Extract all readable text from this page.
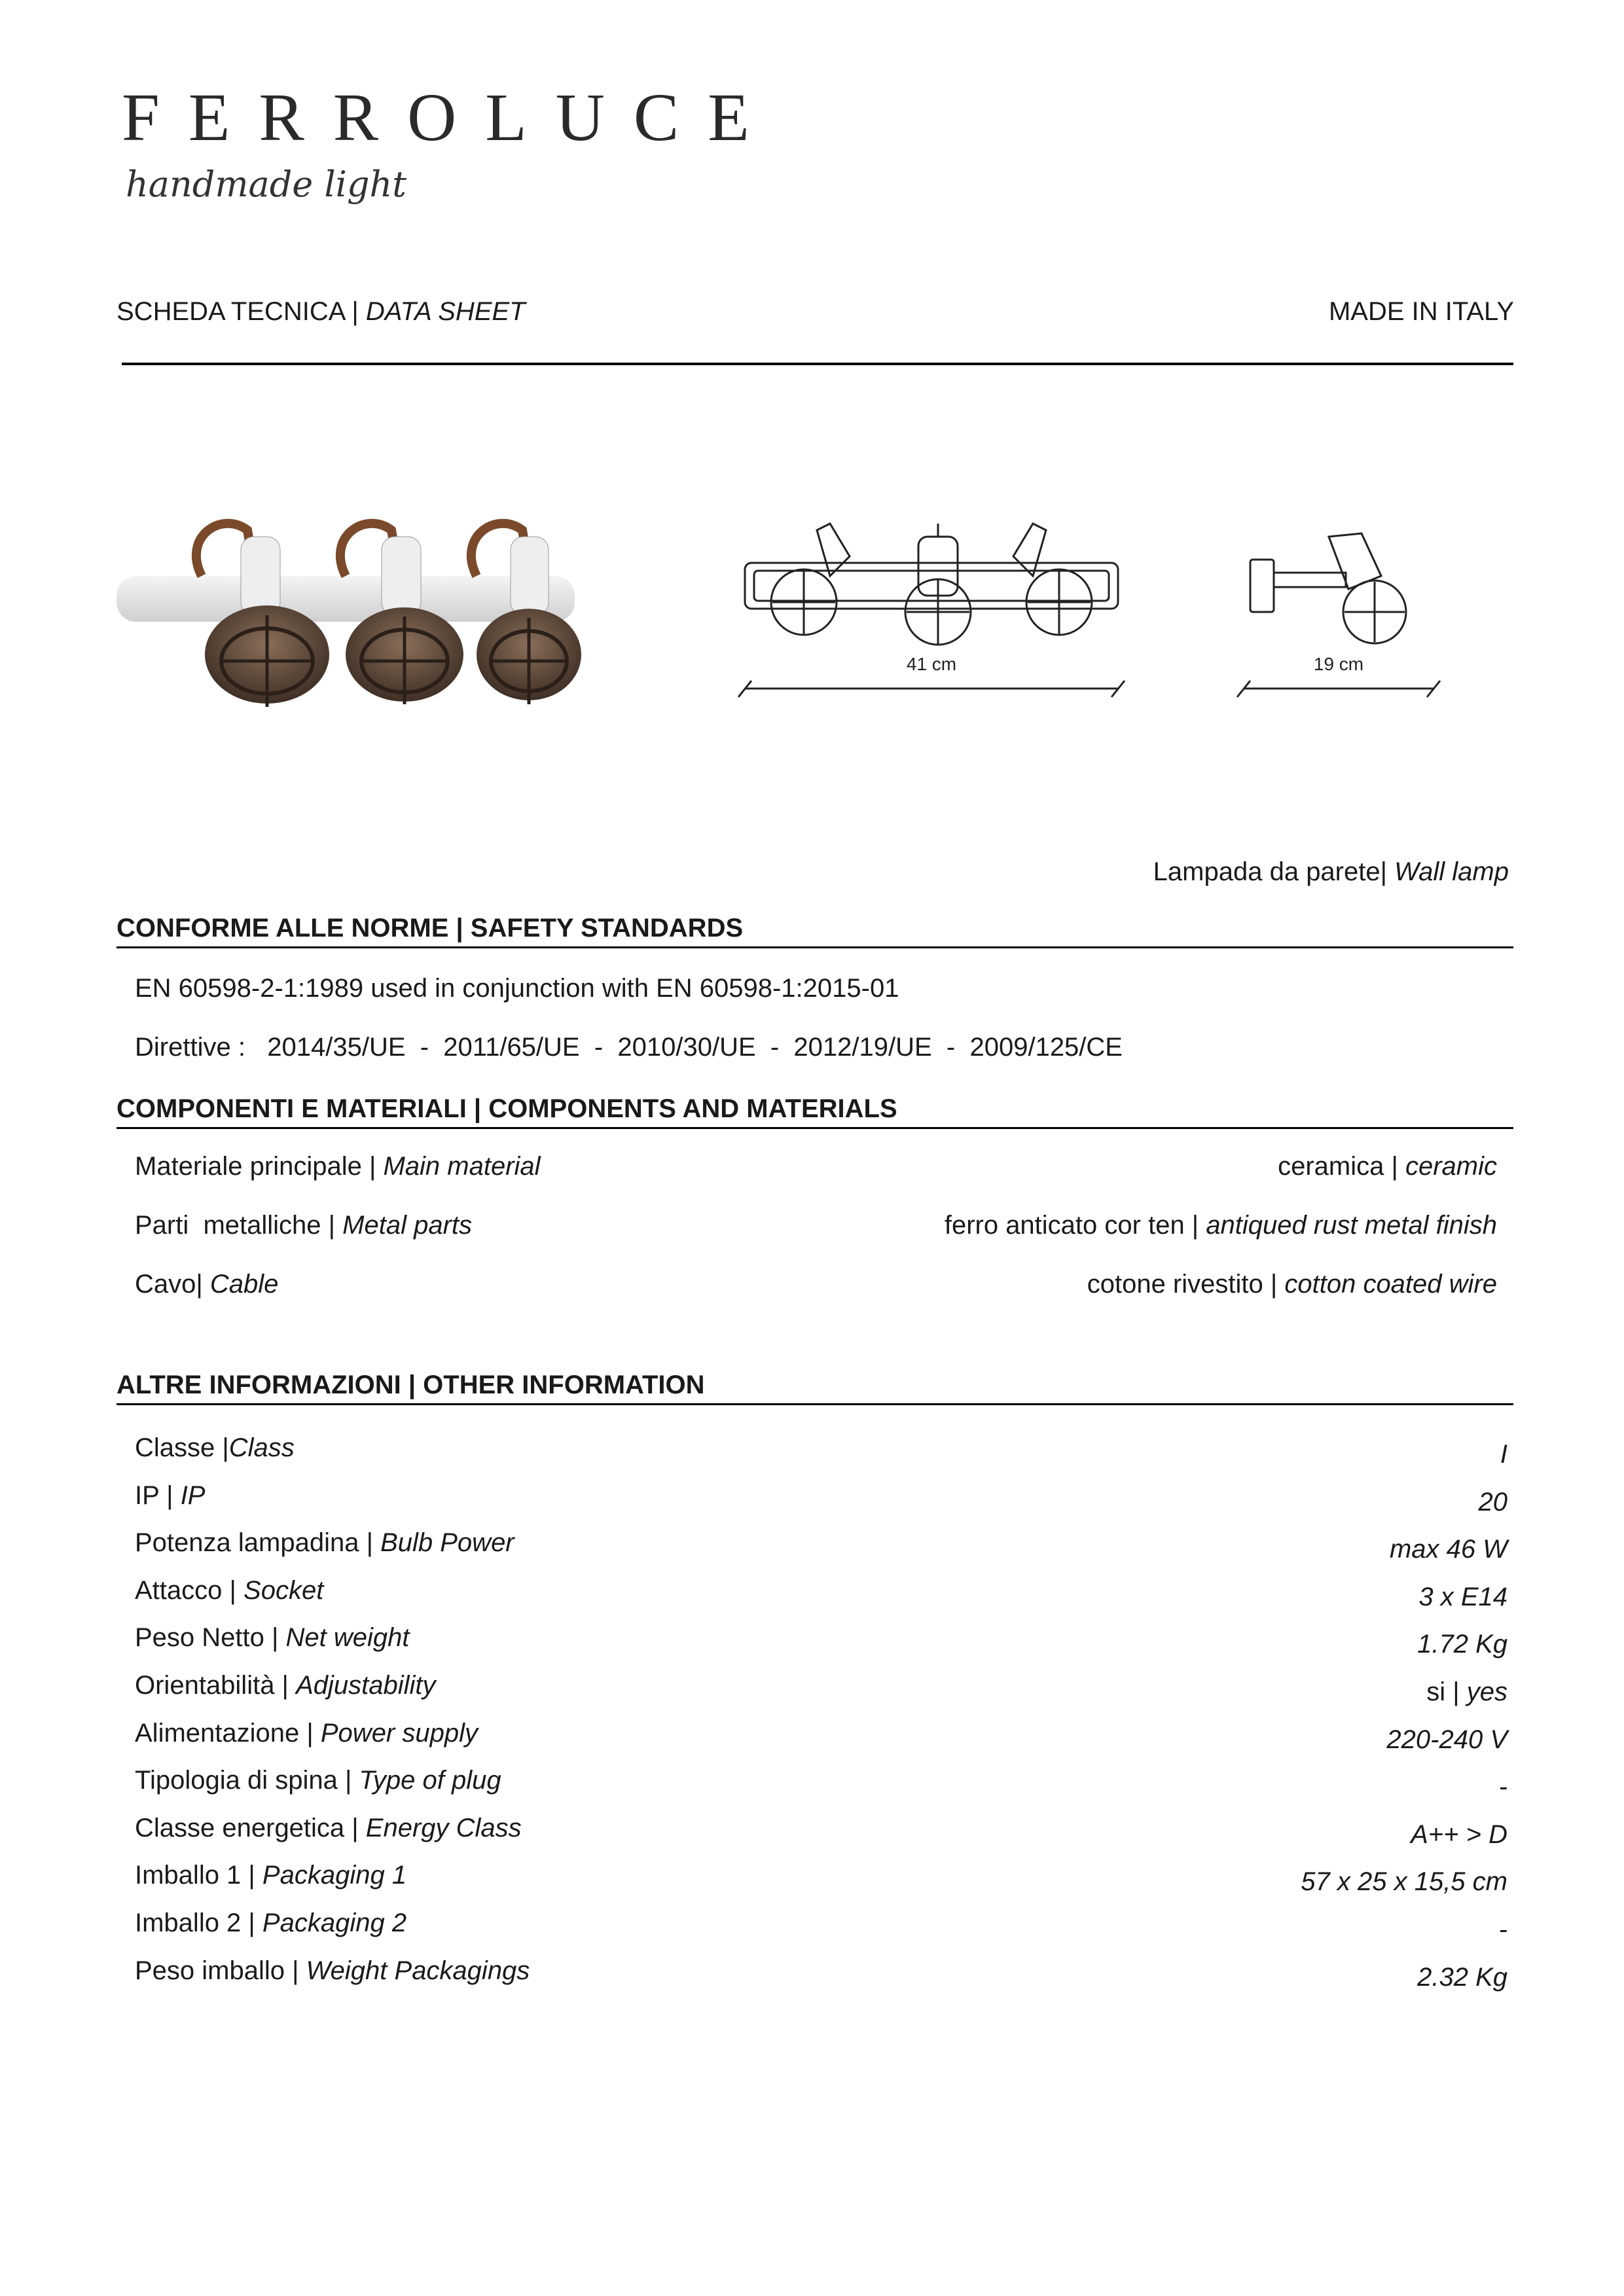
FERROLUCE
handmade light
SCHEDA TECNICA | DATA SHEET	MADE IN ITALY
41 cm	19 cm
Lampada da parete| Wall lamp
CONFORME ALLE NORME | SAFETY STANDARDS
EN 60598-2-1:1989 used in conjunction with EN 60598-1:2015-01
Direttive :   2014/35/UE  -  2011/65/UE  -  2010/30/UE  -  2012/19/UE  -  2009/125/CE
COMPONENTI E MATERIALI | COMPONENTS AND MATERIALS
Materiale principale | Main material	ceramica | ceramic
Parti  metalliche | Metal parts	ferro anticato cor ten | antiqued rust metal finish
Cavo| Cable	cotone rivestito | cotton coated wire
ALTRE INFORMAZIONI | OTHER INFORMATION
Classe |Class	I
IP | IP	20
Potenza lampadina | Bulb Power	max 46 W
Attacco | Socket	3 x E14
Peso Netto | Net weight	1.72 Kg
Orientabilità | Adjustability	si | yes
Alimentazione | Power supply	220-240 V
Tipologia di spina | Type of plug	-
Classe energetica | Energy Class	A++ > D
Imballo 1 | Packaging 1	57 x 25 x 15,5 cm
Imballo 2 | Packaging 2	-
Peso imballo | Weight Packagings	2.32 Kg
